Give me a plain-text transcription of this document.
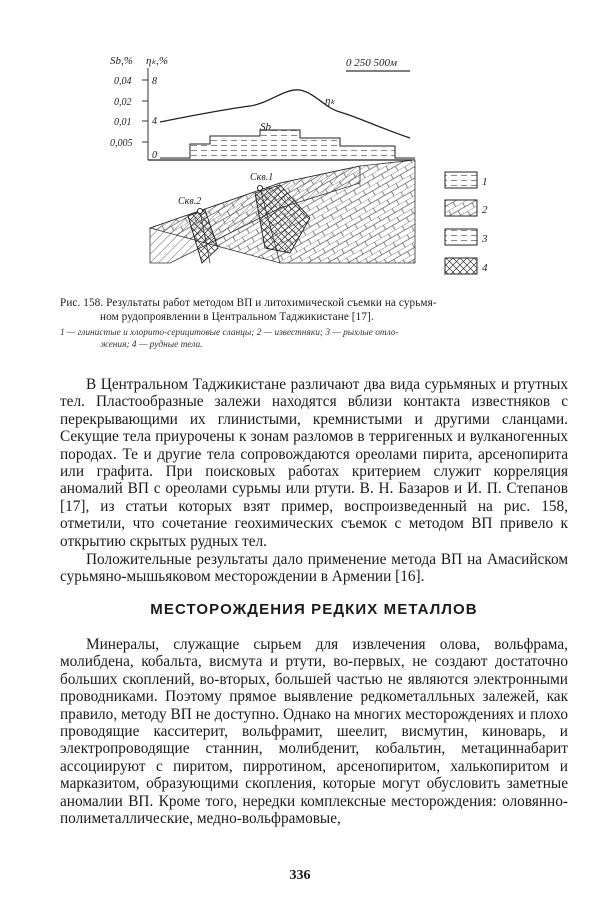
Sb,% ηₖ,%
0,04
0,02
0,01
0,005
8
4
0
0 250 500м
ηₖ
Sb
Скв.1
Скв.2
1
2
3
4
Рис. 158. Результаты работ методом ВП и литохимической съемки на сурьмя-
ном рудопроявлении в Центральном Таджикистане [17].
1 — глинистые и хлорито-серицитовые сланцы; 2 — известняки; 3 — рыхлые отло-
жения; 4 — рудные тела.

В Центральном Таджикистане различают два вида сурьмяных и ртутных тел. Пластообразные залежи находятся вблизи контакта известняков с перекрывающими их глинистыми, кремнистыми и другими сланцами. Секущие тела приурочены к зонам разломов в терригенных и вулканогенных породах. Те и другие тела сопровождаются ореолами пирита, арсенопирита или графита. При поисковых работах критерием служит корреляция аномалий ВП с ореолами сурьмы или ртути. В. Н. Базаров и И. П. Степанов [17], из статьи которых взят пример, воспроизведенный на рис. 158, отметили, что сочетание геохимических съемок с методом ВП привело к открытию скрытых рудных тел.

Положительные результаты дало применение метода ВП на Амасийском сурьмяно-мышьяковом месторождении в Армении [16].

МЕСТОРОЖДЕНИЯ РЕДКИХ МЕТАЛЛОВ

Минералы, служащие сырьем для извлечения олова, вольфрама, молибдена, кобальта, висмута и ртути, во-первых, не создают достаточно больших скоплений, во-вторых, большей частью не являются электронными проводниками. Поэтому прямое выявление редкометалльных залежей, как правило, методу ВП не доступно. Однако на многих месторождениях и плохо проводящие касситерит, вольфрамит, шеелит, висмутин, киноварь, и электропроводящие станнин, молибденит, кобальтин, метациннабарит ассоциируют с пиритом, пирротином, арсенопиритом, халькопиритом и марказитом, образующими скопления, которые могут обусловить заметные аномалии ВП. Кроме того, нередки комплексные месторождения: оловянно-полиметаллические, медно-вольфрамовые,

336
